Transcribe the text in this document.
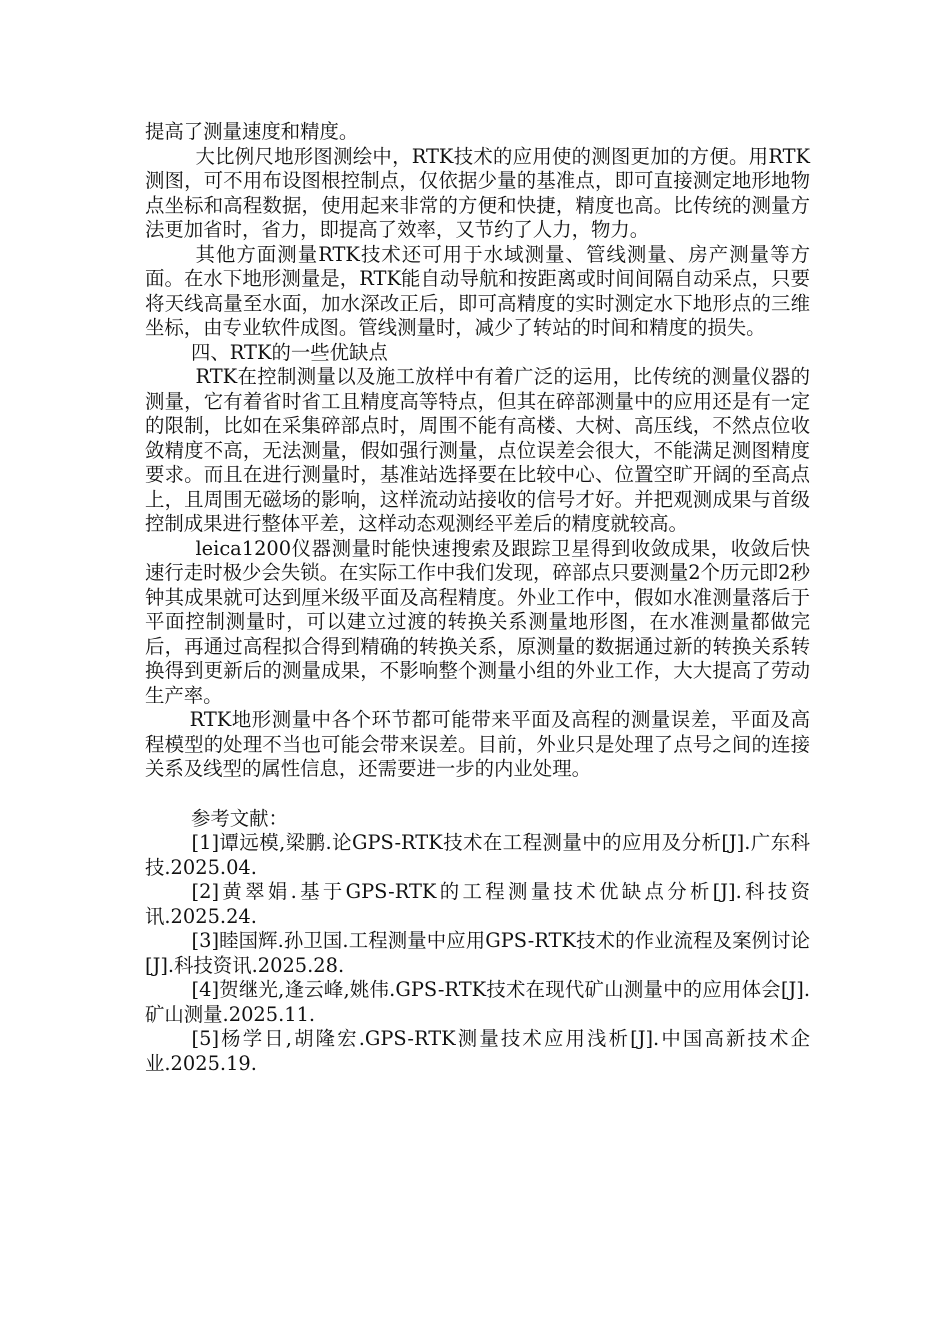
提高了测量速度和精度。

大比例尺地形图测绘中，RTK技术的应用使的测图更加的方便。用RTK测图，可不用布设图根控制点，仅依据少量的基准点，即可直接测定地形地物点坐标和高程数据，使用起来非常的方便和快捷，精度也高。比传统的测量方法更加省时，省力，即提高了效率，又节约了人力，物力。

其他方面测量RTK技术还可用于水域测量、管线测量、房产测量等方面。在水下地形测量是，RTK能自动导航和按距离或时间间隔自动采点，只要将天线高量至水面，加水深改正后，即可高精度的实时测定水下地形点的三维坐标，由专业软件成图。管线测量时，减少了转站的时间和精度的损失。

四、RTK的一些优缺点

RTK在控制测量以及施工放样中有着广泛的运用，比传统的测量仪器的测量，它有着省时省工且精度高等特点，但其在碎部测量中的应用还是有一定的限制，比如在采集碎部点时，周围不能有高楼、大树、高压线，不然点位收敛精度不高，无法测量，假如强行测量，点位误差会很大，不能满足测图精度要求。而且在进行测量时，基准站选择要在比较中心、位置空旷开阔的至高点上，且周围无磁场的影响，这样流动站接收的信号才好。并把观测成果与首级控制成果进行整体平差，这样动态观测经平差后的精度就较高。

leica1200仪器测量时能快速搜索及跟踪卫星得到收敛成果，收敛后快速行走时极少会失锁。在实际工作中我们发现，碎部点只要测量2个历元即2秒钟其成果就可达到厘米级平面及高程精度。外业工作中，假如水准测量落后于平面控制测量时，可以建立过渡的转换关系测量地形图，在水准测量都做完后，再通过高程拟合得到精确的转换关系，原测量的数据通过新的转换关系转换得到更新后的测量成果，不影响整个测量小组的外业工作，大大提高了劳动生产率。

RTK地形测量中各个环节都可能带来平面及高程的测量误差，平面及高程模型的处理不当也可能会带来误差。目前，外业只是处理了点号之间的连接关系及线型的属性信息，还需要进一步的内业处理。

参考文献：

[1]谭远模,梁鹏.论GPS-RTK技术在工程测量中的应用及分析[J].广东科技.2025.04.

[2]黄翠娟.基于GPS-RTK的工程测量技术优缺点分析[J].科技资讯.2025.24.

[3]睦国辉.孙卫国.工程测量中应用GPS-RTK技术的作业流程及案例讨论[J].科技资讯.2025.28.

[4]贺继光,逢云峰,姚伟.GPS-RTK技术在现代矿山测量中的应用体会[J]. 矿山测量.2025.11.

[5]杨学日,胡隆宏.GPS-RTK测量技术应用浅析[J].中国高新技术企业.2025.19.
